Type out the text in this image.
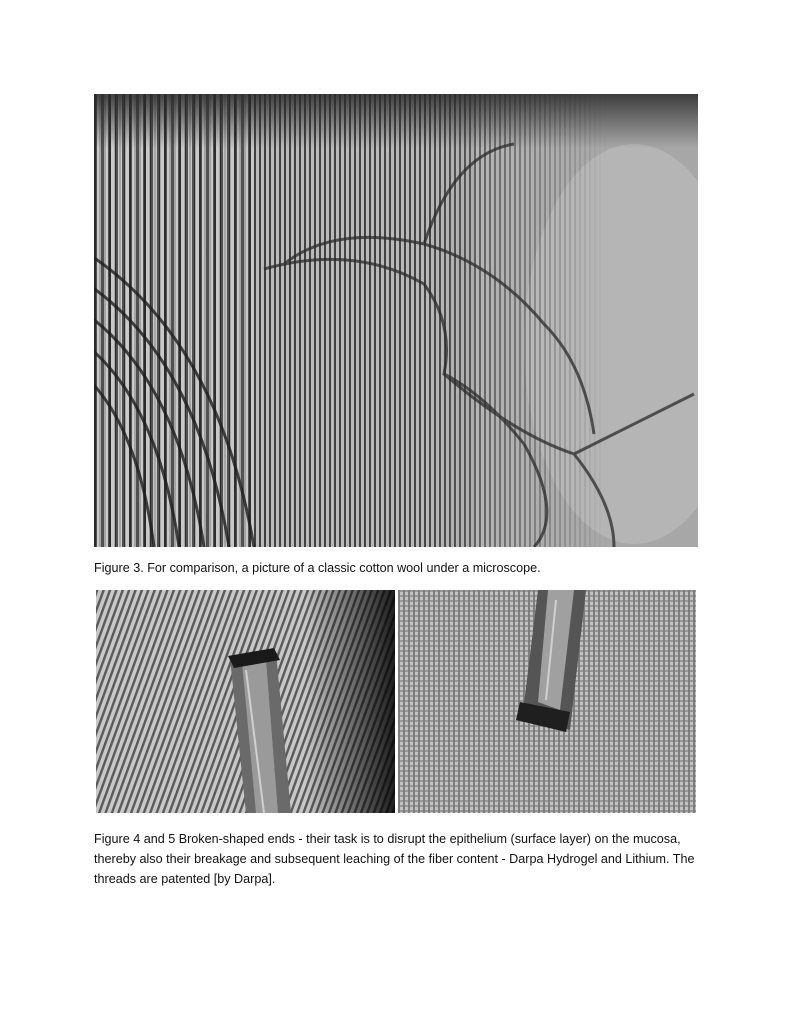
Figure 3. For comparison, a picture of a classic cotton wool under a microscope.

Figure 4 and 5 Broken-shaped ends - their task is to disrupt the epithelium (surface layer) on the mucosa, thereby also their breakage and subsequent leaching of the fiber content - Darpa Hydrogel and Lithium. The threads are patented [by Darpa].
